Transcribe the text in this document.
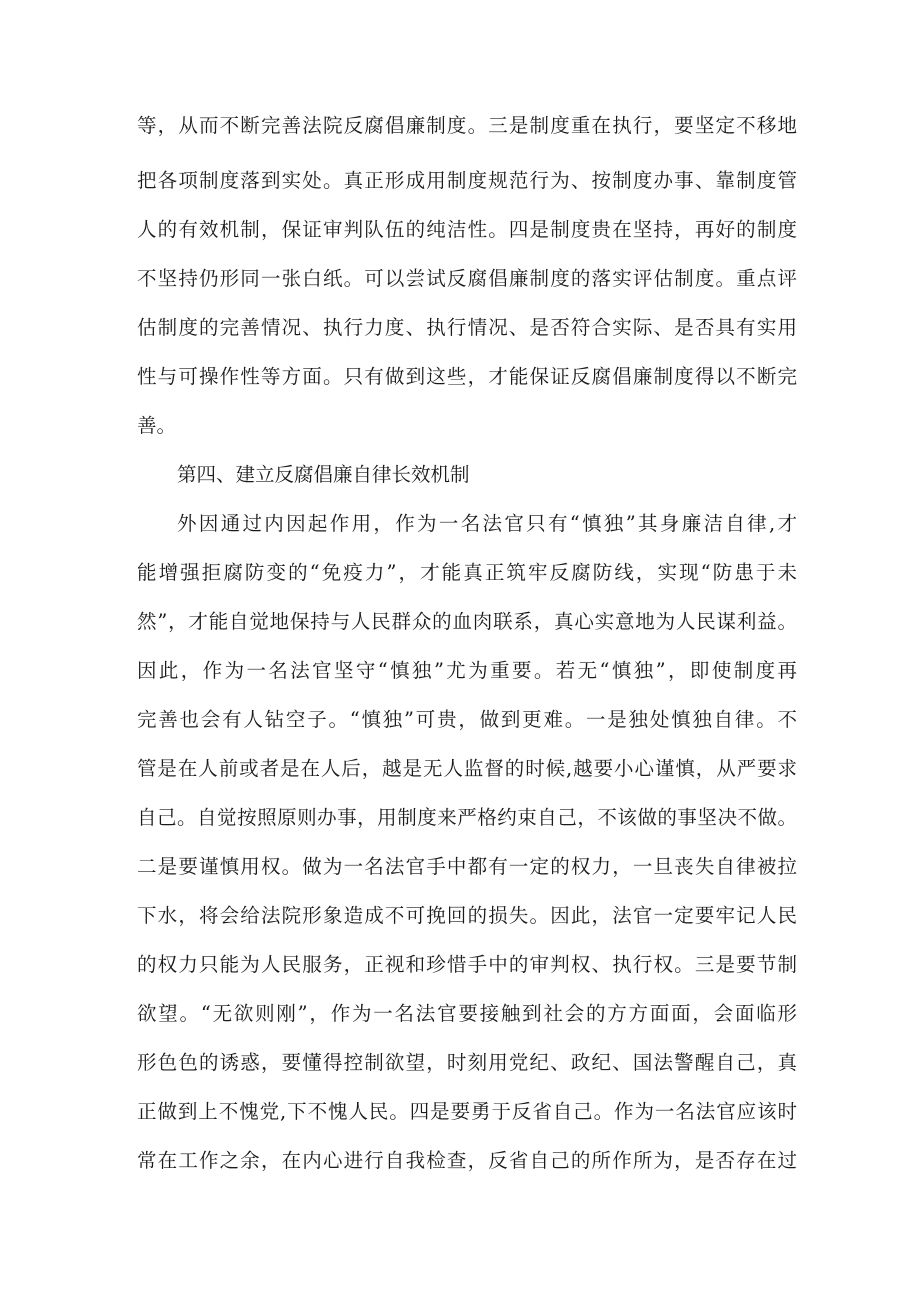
等，从而不断完善法院反腐倡廉制度。三是制度重在执行，要坚定不移地
把各项制度落到实处。真正形成用制度规范行为、按制度办事、靠制度管
人的有效机制，保证审判队伍的纯洁性。四是制度贵在坚持，再好的制度
不坚持仍形同一张白纸。可以尝试反腐倡廉制度的落实评估制度。重点评
估制度的完善情况、执行力度、执行情况、是否符合实际、是否具有实用
性与可操作性等方面。只有做到这些，才能保证反腐倡廉制度得以不断完
善。
第四、建立反腐倡廉自律长效机制
外因通过内因起作用，作为一名法官只有“慎独”其身廉洁自律,才
能增强拒腐防变的“免疫力”，才能真正筑牢反腐防线，实现“防患于未
然”，才能自觉地保持与人民群众的血肉联系，真心实意地为人民谋利益。
因此，作为一名法官坚守“慎独”尤为重要。若无“慎独”，即使制度再
完善也会有人钻空子。“慎独”可贵，做到更难。一是独处慎独自律。不
管是在人前或者是在人后，越是无人监督的时候,越要小心谨慎，从严要求
自己。自觉按照原则办事，用制度来严格约束自己，不该做的事坚决不做。
二是要谨慎用权。做为一名法官手中都有一定的权力，一旦丧失自律被拉
下水，将会给法院形象造成不可挽回的损失。因此，法官一定要牢记人民
的权力只能为人民服务，正视和珍惜手中的审判权、执行权。三是要节制
欲望。“无欲则刚”，作为一名法官要接触到社会的方方面面，会面临形
形色色的诱惑，要懂得控制欲望，时刻用党纪、政纪、国法警醒自己，真
正做到上不愧党,下不愧人民。四是要勇于反省自己。作为一名法官应该时
常在工作之余，在内心进行自我检查，反省自己的所作所为，是否存在过
